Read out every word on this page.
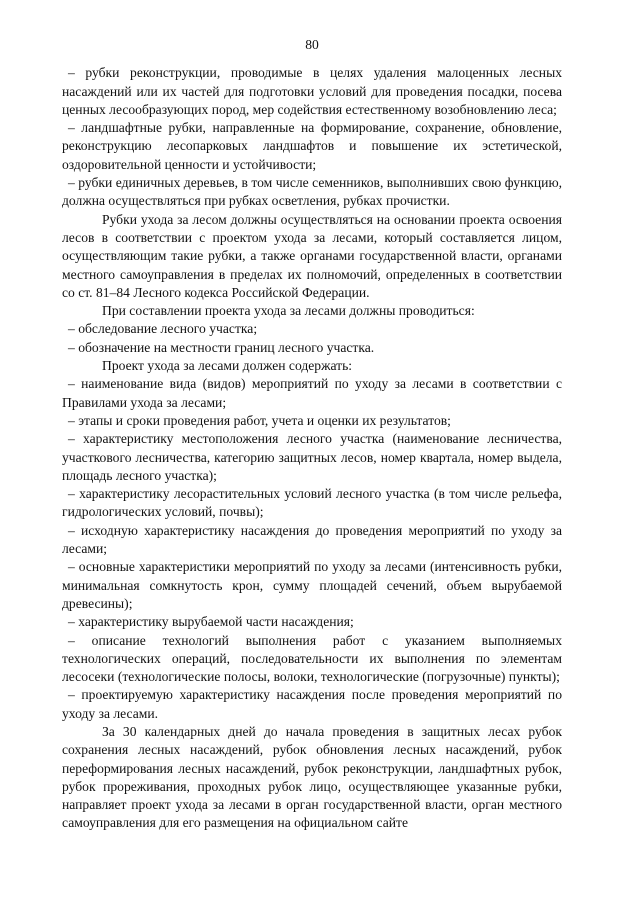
80

– рубки реконструкции, проводимые в целях удаления малоценных лесных насаждений или их частей для подготовки условий для проведения посадки, посева ценных лесообразующих пород, мер содействия естественному возобновлению леса;

– ландшафтные рубки, направленные на формирование, сохранение, обновление, реконструкцию лесопарковых ландшафтов и повышение их эстетической, оздоровительной ценности и устойчивости;

– рубки единичных деревьев, в том числе семенников, выполнивших свою функцию, должна осуществляться при рубках осветления, рубках прочистки.

Рубки ухода за лесом должны осуществляться на основании проекта освоения лесов в соответствии с проектом ухода за лесами, который составляется лицом, осуществляющим такие рубки, а также органами государственной власти, органами местного самоуправления в пределах их полномочий, определенных в соответствии со ст. 81–84 Лесного кодекса Российской Федерации.

При составлении проекта ухода за лесами должны проводиться:

– обследование лесного участка;

– обозначение на местности границ лесного участка.

Проект ухода за лесами должен содержать:

– наименование вида (видов) мероприятий по уходу за лесами в соответствии с Правилами ухода за лесами;

– этапы и сроки проведения работ, учета и оценки их результатов;

– характеристику местоположения лесного участка (наименование лесничества, участкового лесничества, категорию защитных лесов, номер квартала, номер выдела, площадь лесного участка);

– характеристику лесорастительных условий лесного участка (в том числе рельефа, гидрологических условий, почвы);

– исходную характеристику насаждения до проведения мероприятий по уходу за лесами;

– основные характеристики мероприятий по уходу за лесами (интенсивность рубки, минимальная сомкнутость крон, сумму площадей сечений, объем вырубаемой древесины);

– характеристику вырубаемой части насаждения;

– описание технологий выполнения работ с указанием выполняемых технологических операций, последовательности их выполнения по элементам лесосеки (технологические полосы, волоки, технологические (погрузочные) пункты);

– проектируемую характеристику насаждения после проведения мероприятий по уходу за лесами.

За 30 календарных дней до начала проведения в защитных лесах рубок сохранения лесных насаждений, рубок обновления лесных насаждений, рубок переформирования лесных насаждений, рубок реконструкции, ландшафтных рубок, рубок прореживания, проходных рубок лицо, осуществляющее указанные рубки, направляет проект ухода за лесами в орган государственной власти, орган местного самоуправления для его размещения на официальном сайте
